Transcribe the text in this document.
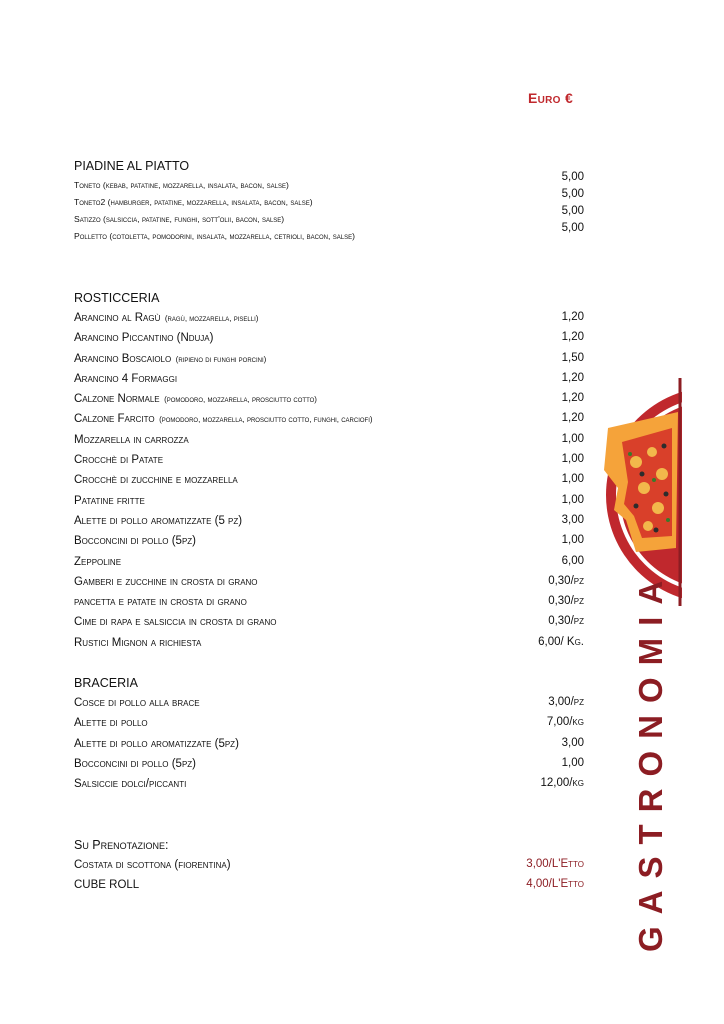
Euro €
PIADINE AL PIATTO
Toneto (kebab, patatine, mozzarella, insalata, bacon, salse)
5,00
Toneto2 (hamburger, patatine, mozzarella, insalata, bacon, salse)
5,00
Satizzo (salsiccia, patatine, funghi, sott'olii, bacon, salse)
5,00
Polletto (cotoletta, pomodorini, insalata, mozzarella, cetrioli, bacon, salse)
5,00
ROSTICCERIA
Arancino al Ragù (ragù, mozzarella, piselli)	1,20
Arancino Piccantino (Nduja)	1,20
Arancino Boscaiolo (ripieno di funghi porcini)	1,50
Arancino 4 Formaggi	1,20
Calzone Normale (pomodoro, mozzarella, prosciutto cotto)	1,20
Calzone Farcito (pomodoro, mozzarella, prosciutto cotto, funghi, carciofi)	1,20
Mozzarella in carrozza	1,00
Crocchè di Patate	1,00
Crocchè di zucchine e mozzarella	1,00
Patatine fritte	1,00
Alette di pollo aromatizzate (5 pz)	3,00
Bocconcini di pollo (5pz)	1,00
Zeppoline	6,00
Gamberi e zucchine in crosta di grano	0,30/pz
pancetta e patate in crosta di grano	0,30/pz
Cime di rapa e salsiccia in crosta di grano	0,30/pz
Rustici Mignon a richiesta	6,00/ Kg.
BRACERIA
Cosce di pollo alla brace	3,00/pz
Alette di pollo	7,00/kg
Alette di pollo aromatizzate (5pz)	3,00
Bocconcini di pollo (5pz)	1,00
Salsiccie dolci/piccanti	12,00/kg
Su Prenotazione:
Costata di scottona (fiorentina)	3,00/L'Etto
CUBE ROLL	4,00/L'Etto GASTRONOMIA
